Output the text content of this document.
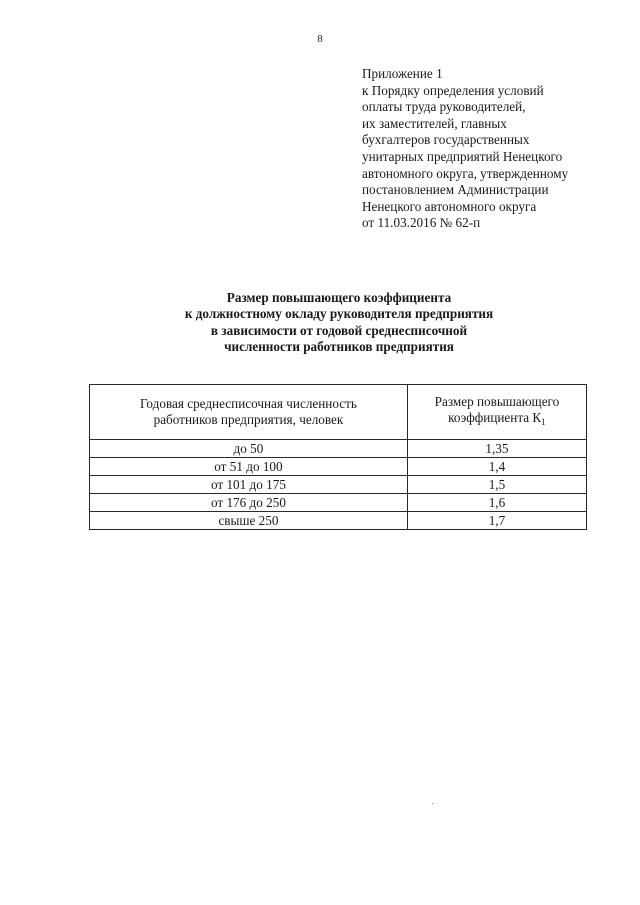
8
Приложение 1
к Порядку определения условий
оплаты труда руководителей,
их заместителей, главных
бухгалтеров государственных
унитарных предприятий Ненецкого
автономного округа, утвержденному
постановлением Администрации
Ненецкого автономного округа
от 11.03.2016 № 62-п
Размер повышающего коэффициента
к должностному окладу руководителя предприятия
в зависимости от годовой среднесписочной
численности работников предприятия
Годовая среднесписочная численность
работников предприятия, человек	Размер повышающего
коэффициента $К_1$
до 50	1,35
от 51 до 100	1,4
от 101 до 175	1,5
от 176 до 250	1,6
свыше 250	1,7
